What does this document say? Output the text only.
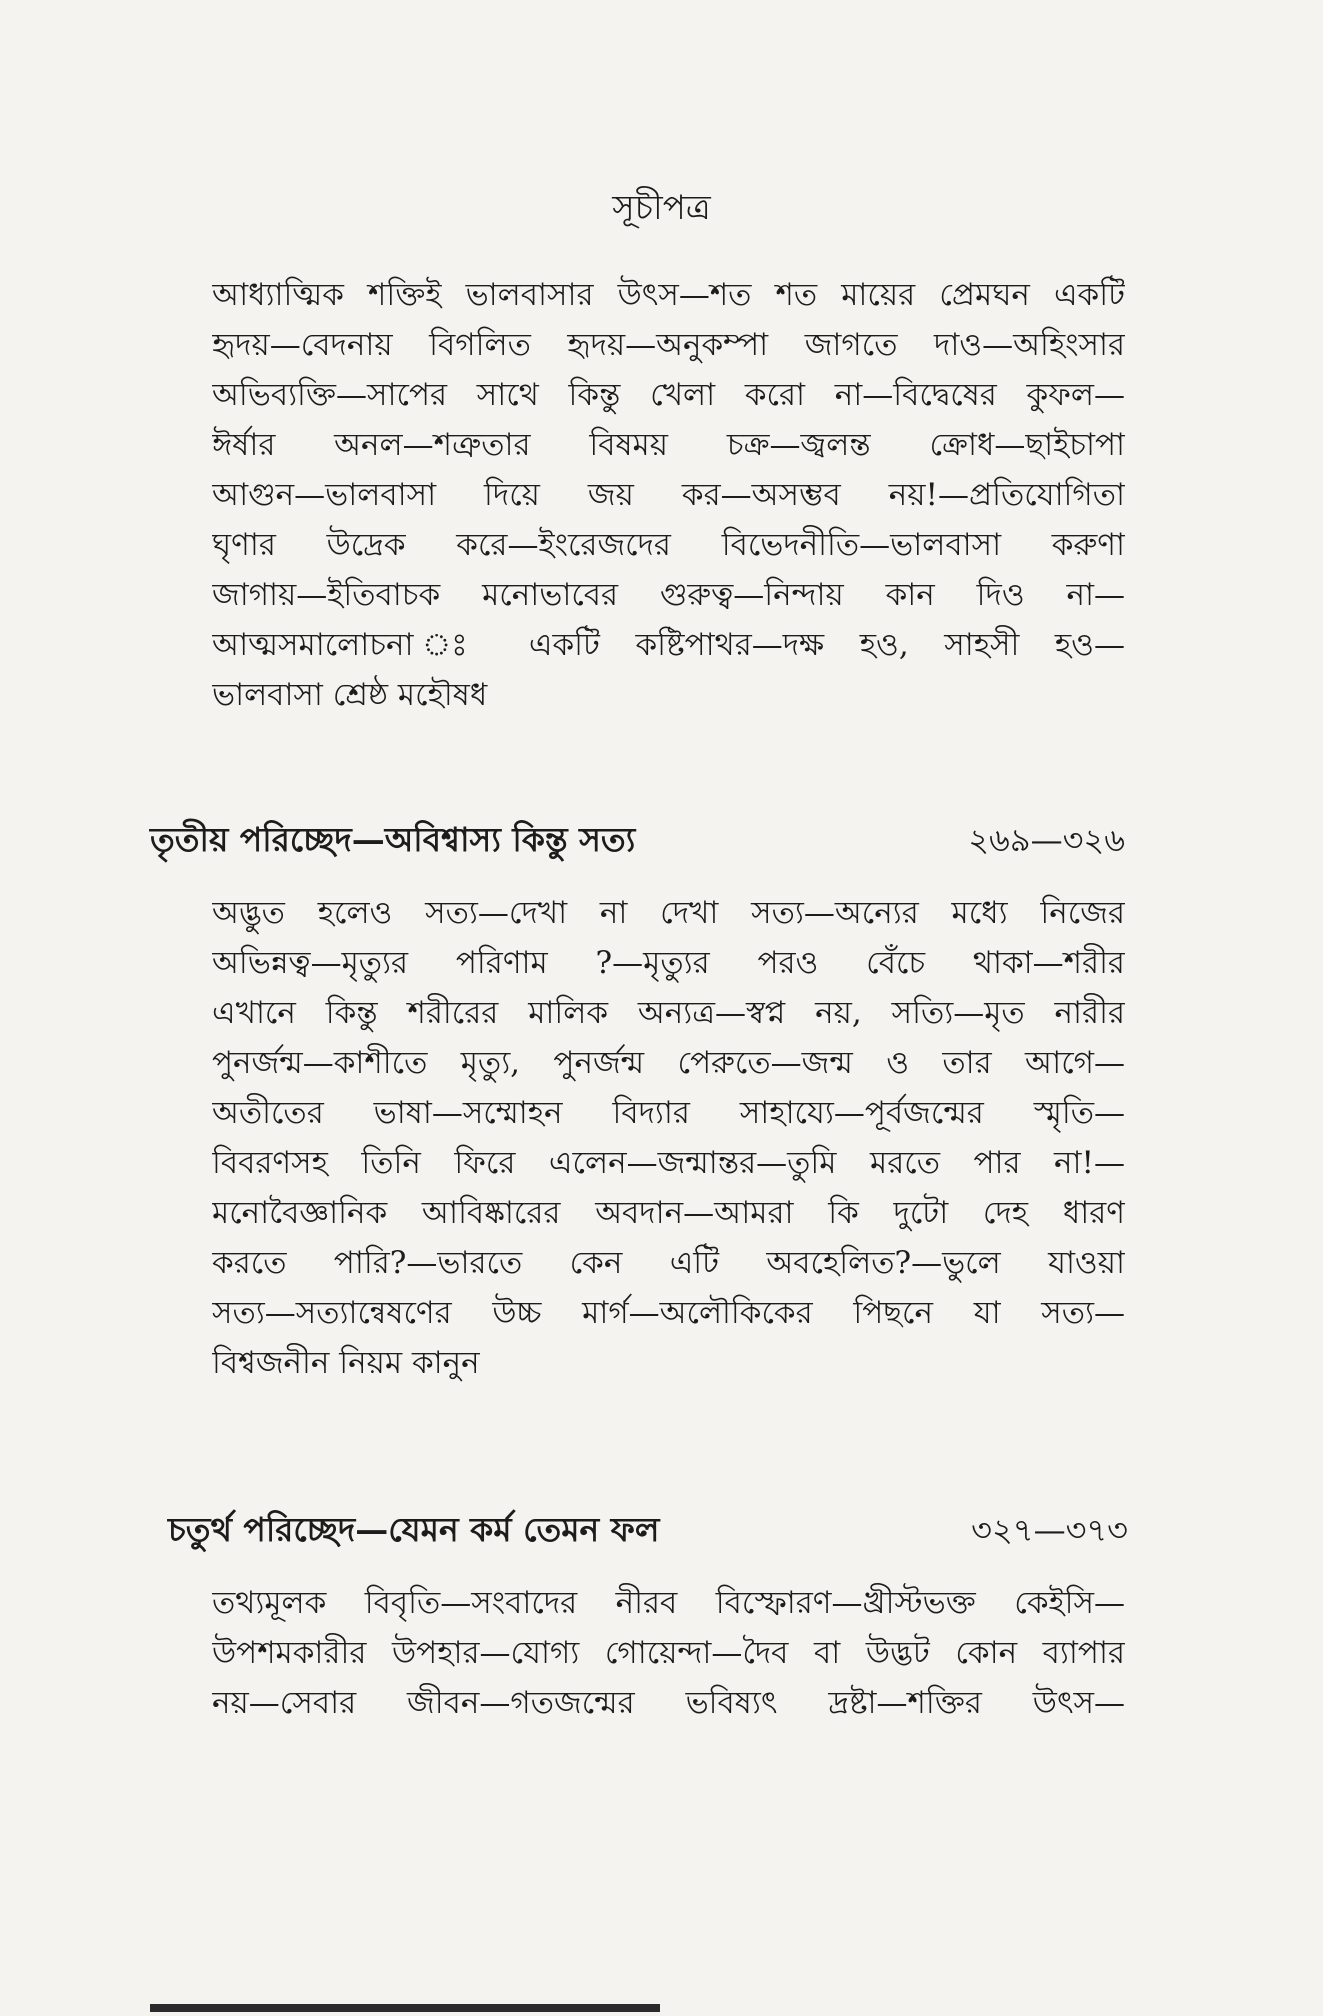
সূচীপত্র
আধ্যাত্মিক শক্তিই ভালবাসার উৎস—শত শত মায়ের প্রেমঘন একটি
হৃদয়—বেদনায় বিগলিত হৃদয়—অনুকম্পা জাগতে দাও—অহিংসার
অভিব্যক্তি—সাপের সাথে কিন্তু খেলা করো না—বিদ্বেষের কুফল—
ঈর্ষার অনল—শত্রুতার বিষময় চক্র—জ্বলন্ত ক্রোধ—ছাইচাপা
আগুন—ভালবাসা দিয়ে জয় কর—অসম্ভব নয়!—প্রতিযোগিতা
ঘৃণার উদ্রেক করে—ইংরেজদের বিভেদনীতি—ভালবাসা করুণা
জাগায়—ইতিবাচক মনোভাবের গুরুত্ব—নিন্দায় কান দিও না—
আত্মসমালোচনা ঃ একটি কষ্টিপাথর—দক্ষ হও, সাহসী হও—
ভালবাসা শ্রেষ্ঠ মহৌষধ
তৃতীয় পরিচ্ছেদ—অবিশ্বাস্য কিন্তু সত্য	২৬৯—৩২৬
অদ্ভুত হলেও সত্য—দেখা না দেখা সত্য—অন্যের মধ্যে নিজের
অভিন্নত্ব—মৃত্যুর পরিণাম ?—মৃত্যুর পরও বেঁচে থাকা—শরীর
এখানে কিন্তু শরীরের মালিক অন্যত্র—স্বপ্ন নয়, সত্যি—মৃত নারীর
পুনর্জন্ম—কাশীতে মৃত্যু, পুনর্জন্ম পেরুতে—জন্ম ও তার আগে—
অতীতের ভাষা—সম্মোহন বিদ্যার সাহায্যে—পূর্বজন্মের স্মৃতি—
বিবরণসহ তিনি ফিরে এলেন—জন্মান্তর—তুমি মরতে পার না!—
মনোবৈজ্ঞানিক আবিষ্কারের অবদান—আমরা কি দুটো দেহ ধারণ
করতে পারি?—ভারতে কেন এটি অবহেলিত?—ভুলে যাওয়া
সত্য—সত্যান্বেষণের উচ্চ মার্গ—অলৌকিকের পিছনে যা সত্য—
বিশ্বজনীন নিয়ম কানুন
চতুর্থ পরিচ্ছেদ—যেমন কর্ম তেমন ফল	৩২৭—৩৭৩
তথ্যমূলক বিবৃতি—সংবাদের নীরব বিস্ফোরণ—খ্রীস্টভক্ত কেইসি—
উপশমকারীর উপহার—যোগ্য গোয়েন্দা—দৈব বা উদ্ভট কোন ব্যাপার
নয়—সেবার জীবন—গতজন্মের ভবিষ্যৎ দ্রষ্টা—শক্তির উৎস—
